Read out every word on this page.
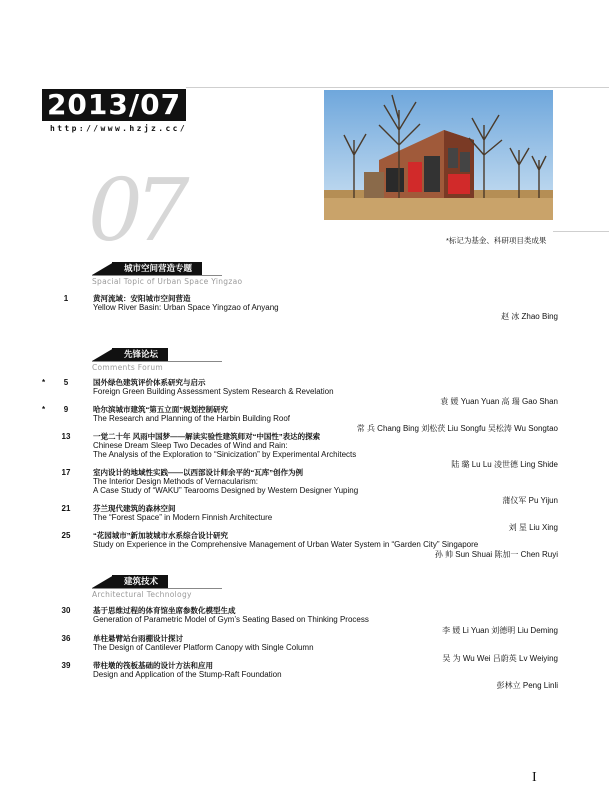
2013/07
http://www.hzjz.cc/
07	*标记为基金、科研项目类成果
城市空间营造专题
Spacial Topic of Urban Space Yingzao
1	黄河流域：安阳城市空间营造
Yellow River Basin: Urban Space Yingzao of Anyang
赵 冰 Zhao Bing
先锋论坛
Comments Forum
*	5	国外绿色建筑评价体系研究与启示
Foreign Green Building Assessment System Research & Revelation
袁 媛 Yuan Yuan 高 瑞 Gao Shan
*	9	哈尔滨城市建筑“第五立面”规划控制研究
The Research and Planning of the Harbin Building Roof
常 兵 Chang Bing 刘松茯 Liu Songfu 吴松涛 Wu Songtao
13	一觉二十年 风雨中国梦——解读实验性建筑师对“中国性”表达的探索
Chinese Dream Sleep Two Decades of Wind and Rain:
The Analysis of the Exploration to “Sinicization” by Experimental Architects
陆 璐 Lu Lu 凌世德 Ling Shide
17	室内设计的地域性实践——以西部设计师余平的“瓦库”创作为例
The Interior Design Methods of Vernacularism:
A Case Study of “WAKU” Tearooms Designed by Western Designer Yuping
蒲仪军 Pu Yijun
21	芬兰现代建筑的森林空间
The “Forest Space” in Modern Finnish Architecture
刘 星 Liu Xing
25	“花园城市”新加坡城市水系综合设计研究
Study on Experience in the Comprehensive Management of Urban Water System in “Garden City” Singapore
孙 帅 Sun Shuai 陈加一 Chen Ruyi
建筑技术
Architectural Technology
30	基于思维过程的体育馆坐席参数化模型生成
Generation of Parametric Model of Gym’s Seating Based on Thinking Process
李 媛 Li Yuan 刘德明 Liu Deming
36	单柱悬臂站台雨棚设计探讨
The Design of Cantilever Platform Canopy with Single Column
吴 为 Wu Wei 吕蔚英 Lv Weiying
39	带柱墩的筏板基础的设计方法和应用
Design and Application of the Stump-Raft Foundation
彭林立 Peng Linli
I
